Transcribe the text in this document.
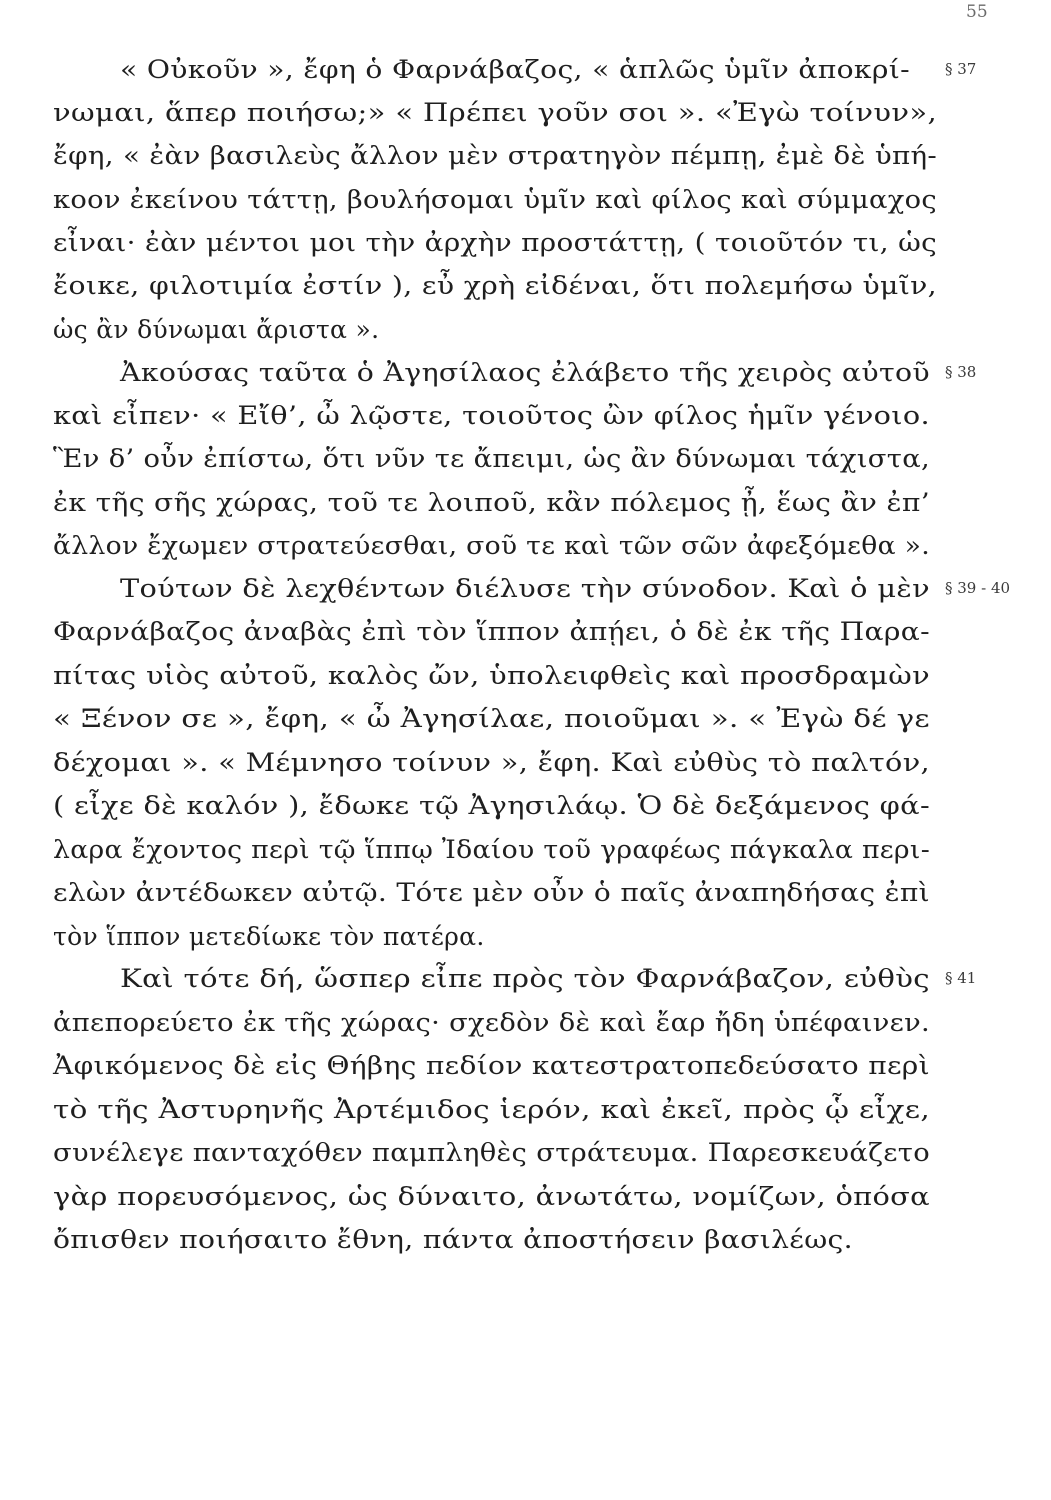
55
« Οὐκοῦν », ἔφη ὁ Φαρνάβαζος, « ἁπλῶς ὑμῖν ἀποκρί-
νωμαι, ἅπερ ποιήσω;» « Πρέπει γοῦν σοι ». «Ἐγὼ τοίνυν»,
ἔφη, « ἐὰν βασιλεὺς ἄλλον μὲν στρατηγὸν πέμπῃ, ἐμὲ δὲ ὑπή-
κοον ἐκείνου τάττῃ, βουλήσομαι ὑμῖν καὶ φίλος καὶ σύμμαχος
εἶναι· ἐὰν μέντοι μοι τὴν ἀρχὴν προστάττῃ, ( τοιοῦτόν τι, ὡς
ἔοικε, φιλοτιμία ἐστίν ), εὖ χρὴ εἰδέναι, ὅτι πολεμήσω ὑμῖν,
ὡς ἂν δύνωμαι ἄριστα ».
§ 37
Ἀκούσας ταῦτα ὁ Ἀγησίλαος ἐλάβετο τῆς χειρὸς αὐτοῦ
καὶ εἶπεν· « Εἴθ’, ὦ λῷστε, τοιοῦτος ὢν φίλος ἡμῖν γένοιο.
Ἓν δ’ οὖν ἐπίστω, ὅτι νῦν τε ἄπειμι, ὡς ἂν δύνωμαι τάχιστα,
ἐκ τῆς σῆς χώρας, τοῦ τε λοιποῦ, κἂν πόλεμος ᾖ, ἕως ἂν ἐπ’
ἄλλον ἔχωμεν στρατεύεσθαι, σοῦ τε καὶ τῶν σῶν ἀφεξόμεθα ».
§ 38
Τούτων δὲ λεχθέντων διέλυσε τὴν σύνοδον. Καὶ ὁ μὲν
Φαρνάβαζος ἀναβὰς ἐπὶ τὸν ἵππον ἀπῄει, ὁ δὲ ἐκ τῆς Παρα-
πίτας υἱὸς αὐτοῦ, καλὸς ὤν, ὑπολειφθεὶς καὶ προσδραμὼν
« Ξένον σε », ἔφη, « ὦ Ἀγησίλαε, ποιοῦμαι ». « Ἐγὼ δέ γε
δέχομαι ». « Μέμνησο τοίνυν », ἔφη. Καὶ εὐθὺς τὸ παλτόν,
( εἶχε δὲ καλόν ), ἔδωκε τῷ Ἀγησιλάῳ. Ὁ δὲ δεξάμενος φά-
λαρα ἔχοντος περὶ τῷ ἵππῳ Ἰδαίου τοῦ γραφέως πάγκαλα περι-
ελὼν ἀντέδωκεν αὐτῷ. Τότε μὲν οὖν ὁ παῖς ἀναπηδήσας ἐπὶ
τὸν ἵππον μετεδίωκε τὸν πατέρα.
§ 39 - 40
Καὶ τότε δή, ὥσπερ εἶπε πρὸς τὸν Φαρνάβαζον, εὐθὺς
ἀπεπορεύετο ἐκ τῆς χώρας· σχεδὸν δὲ καὶ ἔαρ ἤδη ὑπέφαινεν.
Ἀφικόμενος δὲ εἰς Θήβης πεδίον κατεστρατοπεδεύσατο περὶ
τὸ τῆς Ἀστυρηνῆς Ἀρτέμιδος ἱερόν, καὶ ἐκεῖ, πρὸς ᾧ εἶχε,
συνέλεγε πανταχόθεν παμπληθὲς στράτευμα. Παρεσκευάζετο
γὰρ πορευσόμενος, ὡς δύναιτο, ἀνωτάτω, νομίζων, ὁπόσα
ὄπισθεν ποιήσαιτο ἔθνη, πάντα ἀποστήσειν βασιλέως.
§ 41
